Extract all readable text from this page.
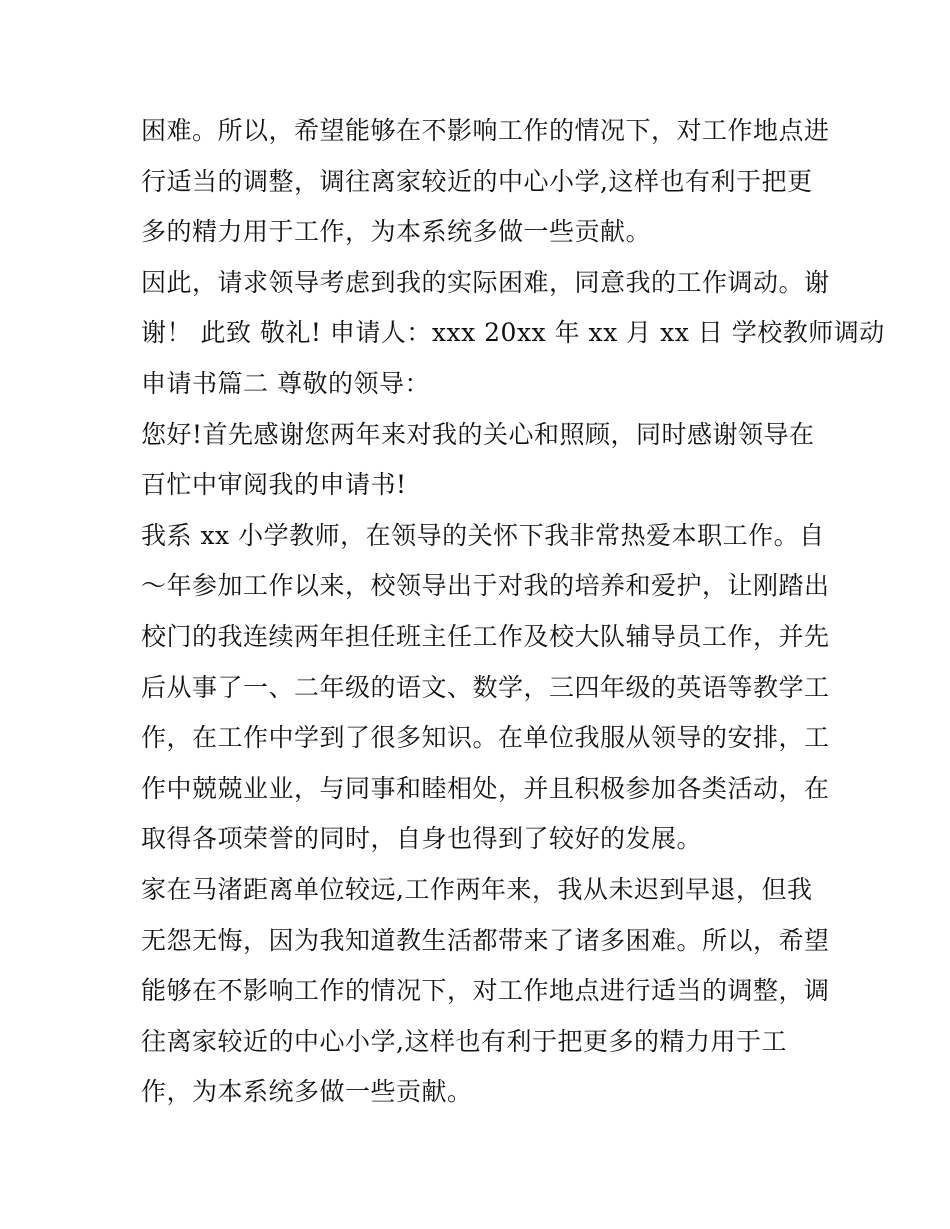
困难。所以，希望能够在不影响工作的情况下，对工作地点进
行适当的调整，调往离家较近的中心小学,这样也有利于把更
多的精力用于工作，为本系统多做一些贡献。
因此，请求领导考虑到我的实际困难，同意我的工作调动。谢
谢！ 此致 敬礼! 申请人：xxx 20xx 年 xx 月 xx 日 学校教师调动
申请书篇二 尊敬的领导：
您好!首先感谢您两年来对我的关心和照顾，同时感谢领导在
百忙中审阅我的申请书!
我系 xx 小学教师，在领导的关怀下我非常热爱本职工作。自
～年参加工作以来，校领导出于对我的培养和爱护，让刚踏出
校门的我连续两年担任班主任工作及校大队辅导员工作，并先
后从事了一、二年级的语文、数学，三四年级的英语等教学工
作，在工作中学到了很多知识。在单位我服从领导的安排，工
作中兢兢业业，与同事和睦相处，并且积极参加各类活动，在
取得各项荣誉的同时，自身也得到了较好的发展。
家在马渚距离单位较远,工作两年来，我从未迟到早退，但我
无怨无悔，因为我知道教生活都带来了诸多困难。所以，希望
能够在不影响工作的情况下，对工作地点进行适当的调整，调
往离家较近的中心小学,这样也有利于把更多的精力用于工
作，为本系统多做一些贡献。
